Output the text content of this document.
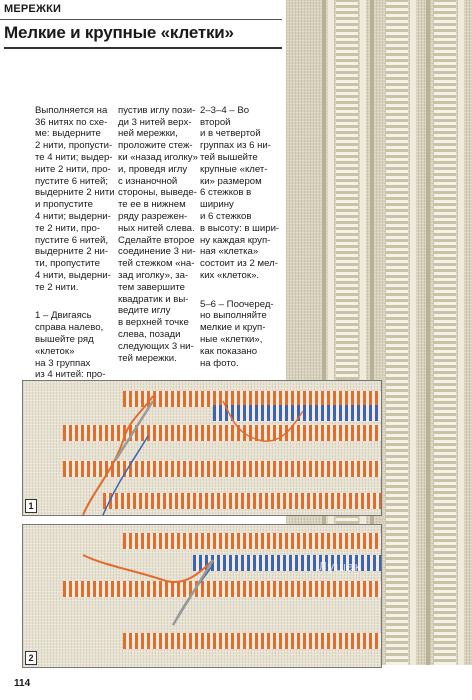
МЕРЕЖКИ
Мелкие и крупные «клетки»

Выполняется на
36 нитях по схе-
ме: выдерните
2 нити, пропусти-
те 4 нити; выдер-
ните 2 нити, про-
пустите 6 нитей;
выдерните 2 нити
и пропустите
4 нити; выдерни-
те 2 нити, про-
пустите 6 нитей,
выдерните 2 ни-
ти, пропустите
4 нити, выдерни-
те 2 нити.

1 – Двигаясь
справа налево,
вышейте ряд
«клеток»
на 3 группах
из 4 нитей: про-

пустив иглу пози-
ди 3 нитей верх-
ней мережки,
проложите стеж-
ки «назад иголку»
и, проведя иглу
с изнаночной
стороны, выведе-
те ее в нижнем
ряду разрежен-
ных нитей слева.
Сделайте второе
соединение 3 ни-
тей стежком «на-
зад иголку», за-
тем завершите
квадратик и вы-
ведите иглу
в верхней точке
слева, позади
следующих 3 ни-
тей мережки.

2–3–4 – Во второй
и в четвертой
группах из 6 ни-
тей вышейте
крупные «клет-
ки» размером
6 стежков в ширину
и 6 стежков
в высоту: в шири-
ну каждая круп-
ная «клетка»
состоит из 2 мел-
ких «клеток».

5–6 – Поочеред-
но выполняйте
мелкие и круп-
ные «клетки»,
как показано
на фото.

1
2
Лушак
114
